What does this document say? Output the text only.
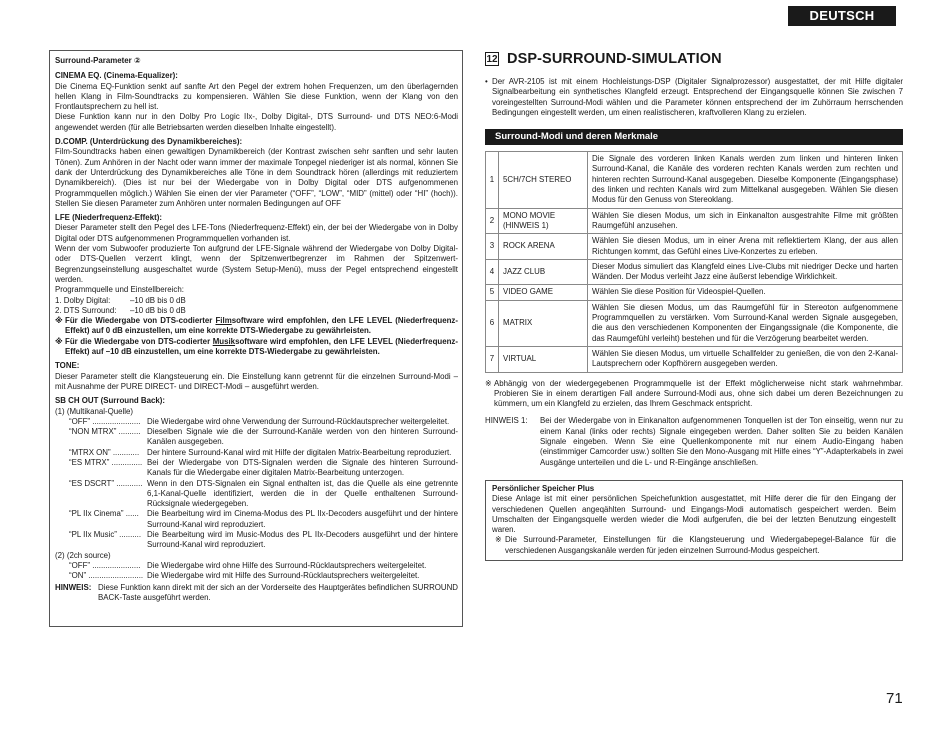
DEUTSCH

Surround-Parameter ②

CINEMA EQ. (Cinema-Equalizer):

Die Cinema EQ-Funktion senkt auf sanfte Art den Pegel der extrem hohen Frequenzen, um den überlagernden hellen Klang in Film-Soundtracks zu kompensieren. Wählen Sie diese Funktion, wenn der Klang von den Frontlautsprechern zu hell ist.

Diese Funktion kann nur in den Dolby Pro Logic IIx-, Dolby Digital-, DTS Surround- und DTS NEO:6-Modi angewendet werden (für alle Betriebsarten werden dieselben Inhalte eingestellt).

D.COMP. (Unterdrückung des Dynamikbereiches):

Film-Soundtracks haben einen gewaltigen Dynamikbereich (der Kontrast zwischen sehr sanften und sehr lauten Tönen). Zum Anhören in der Nacht oder wann immer der maximale Tonpegel niederiger ist als normal, können Sie dank der Unterdrückung des Dynamikbereiches alle Töne in dem Soundtrack hören (allerdings mit reduziertem Dynamikbereich). (Dies ist nur bei der Wiedergabe von in Dolby Digital oder DTS aufgenommenen Programmquellen möglich.) Wählen Sie einen der vier Parameter (“OFF”, “LOW”, “MID” (mittel) oder “HI” (hoch)). Stellen Sie diesen Parameter zum Anhören unter normalen Bedingungen auf OFF

LFE (Niederfrequenz-Effekt):

Dieser Parameter stellt den Pegel des LFE-Tons (Niederfrequenz-Effekt) ein, der bei der Wiedergabe von in Dolby Digital oder DTS aufgenommenen Programmquellen vorhanden ist.

Wenn der vom Subwoofer produzierte Ton aufgrund der LFE-Signale während der Wiedergabe von Dolby Digital- oder DTS-Quellen verzerrt klingt, wenn der Spitzenwertbegrenzer im Rahmen der Spitzenwert-Begrenzungseinstellung ausgeschaltet wurde (System Setup-Menü), muss der Pegel entsprechend eingestellt werden.

Programmquelle und Einstellbereich:

1. Dolby Digital:	–10 dB bis 0 dB
2. DTS Surround:	–10 dB bis 0 dB
※ Für die Wiedergabe von DTS-codierter Filmsoftware wird empfohlen, den LFE LEVEL (Niederfrequenz-Effekt) auf 0 dB einzustellen, um eine korrekte DTS-Wiedergabe zu gewährleisten.
※ Für die Wiedergabe von DTS-codierter Musiksoftware wird empfohlen, den LFE LEVEL (Niederfrequenz-Effekt) auf –10 dB einzustellen, um eine korrekte DTS-Wiedergabe zu gewährleisten.

TONE:

Dieser Parameter stellt die Klangsteuerung ein. Die Einstellung kann getrennt für die einzelnen Surround-Modi – mit Ausnahme der PURE DIRECT- und DIRECT-Modi – ausgeführt werden.

SB CH OUT (Surround Back):

(1) (Multikanal-Quelle)

“OFF” ...................... Die Wiedergabe wird ohne Verwendung der Surround-Rücklautsprecher weitergeleitet.
“NON MTRX” .......... Dieselben Signale wie die der Surround-Kanäle werden von den hinteren Surround-Kanälen ausgegeben.
“MTRX ON” ............ Der hintere Surround-Kanal wird mit Hilfe der digitalen Matrix-Bearbeitung reproduziert.
“ES MTRX” .............. Bei der Wiedergabe von DTS-Signalen werden die Signale des hinteren Surround-Kanals für die Wiedergabe einer digitalen Matrix-Bearbeitung unterzogen.
“ES DSCRT” ............ Wenn in den DTS-Signalen ein Signal enthalten ist, das die Quelle als eine getrennte 6,1-Kanal-Quelle identifiziert, werden die in der Quelle enthaltenen Surround-Rücksignale wiedergegeben.
“PL IIx Cinema” ......	Die Bearbeitung wird im Cinema-Modus des PL IIx-Decoders ausgeführt und der hintere Surround-Kanal wird reproduziert.
“PL IIx Music” .......... Die Bearbeitung wird im Music-Modus des PL IIx-Decoders ausgeführt und der hintere Surround-Kanal wird reproduziert.

(2) (2ch source)

“OFF” ...................... Die Wiedergabe wird ohne Hilfe des Surround-Rücklautsprechers weitergeleitet.
“ON” ......................... Die Wiedergabe wird mit Hilfe des Surround-Rücklautsprechers weitergeleitet.
HINWEIS: Diese Funktion kann direkt mit der sich an der Vorderseite des Hauptgerätes befindlichen SURROUND BACK-Taste ausgeführt werden.
12 DSP-SURROUND-SIMULATION
• Der AVR-2105 ist mit einem Hochleistungs-DSP (Digitaler Signalprozessor) ausgestattet, der mit Hilfe digitaler Signalbearbeitung ein synthetisches Klangfeld erzeugt. Entsprechend der Eingangsquelle können Sie zwischen 7 voreingestellten Surround-Modi wählen und die Parameter können entsprechend der im Zuhörraum herrschenden Bedingungen eingestellt werden, um einen realistischeren, kraftvolleren Klang zu erzielen.
Surround-Modi und deren Merkmale
1	5CH/7CH STEREO	Die Signale des vorderen linken Kanals werden zum linken und hinteren linken Surround-Kanal, die Kanäle des vorderen rechten Kanals werden zum rechten und hinteren rechten Surround-Kanal ausgegeben. Dieselbe Komponente (Eingangsphase) des linken und rechten Kanals wird zum Mittelkanal ausgegeben. Wählen Sie diesen Modus für den Genuss von Stereoklang.
2	MONO MOVIE (HINWEIS 1)	Wählen Sie diesen Modus, um sich in Einkanalton ausgestrahlte Filme mit größten Raumgefühl anzusehen.
3	ROCK ARENA	Wählen Sie diesen Modus, um in einer Arena mit reflektiertem Klang, der aus allen Richtungen kommt, das Gefühl eines Live-Konzertes zu erleben.
4	JAZZ CLUB	Dieser Modus simuliert das Klangfeld eines Live-Clubs mit niedriger Decke und harten Wänden. Der Modus verleiht Jazz eine äußerst lebendige Wirklichkeit.
5	VIDEO GAME	Wählen Sie diese Position für Videospiel-Quellen.
6	MATRIX	Wählen Sie diesen Modus, um das Raumgefühl für in Stereoton aufgenommene Programmquellen zu verstärken. Vom Surround-Kanal werden Signale ausgegeben, die aus den verschiedenen Komponenten der Eingangssignale (die Komponente, die das Raumgefühl verleiht) bestehen und für die Verzögerung bearbeitet werden.
7	VIRTUAL	Wählen Sie diesen Modus, um virtuelle Schallfelder zu genießen, die von den 2-Kanal-Lautsprechern oder Kopfhörern ausgegeben werden.
※ Abhängig von der wiedergegebenen Programmquelle ist der Effekt möglicherweise nicht stark wahrnehmbar. Probieren Sie in einem derartigen Fall andere Surround-Modi aus, ohne sich dabei um deren Bezeichnungen zu kümmern, um ein Klangfeld zu erzielen, das Ihrem Geschmack entspricht.
HINWEIS 1:	Bei der Wiedergabe von in Einkanalton aufgenommenen Tonquellen ist der Ton einseitig, wenn nur zu einem Kanal (links oder rechts) Signale eingegeben werden. Daher sollten Sie zu beiden Kanälen Signale eingeben. Wenn Sie eine Quellenkomponente mit nur einem Audio-Eingang haben (einstimmiger Camcorder usw.) sollten Sie den Mono-Ausgang mit Hilfe eines “Y”-Adapterkabels in zwei Ausgänge unterteilen und die L- und R-Eingänge anschließen.

Persönlicher Speicher Plus

Diese Anlage ist mit einer persönlichen Speichefunktion ausgestattet, mit Hilfe derer die für den Eingang der verschiedenen Quellen angeqählten Surround- und Eingangs-Modi automatisch gespeichert werden. Beim Umschalten der Eingangsquelle werden wieder die Modi aufgerufen, die bei der letzten Benutzung eingestellt waren.

※ Die Surround-Parameter, Einstellungen für die Klangsteuerung und Wiedergabepegel-Balance für die verschiedenen Ausgangskanäle werden für jeden einzelnen Surround-Modus gespeichert.
71
